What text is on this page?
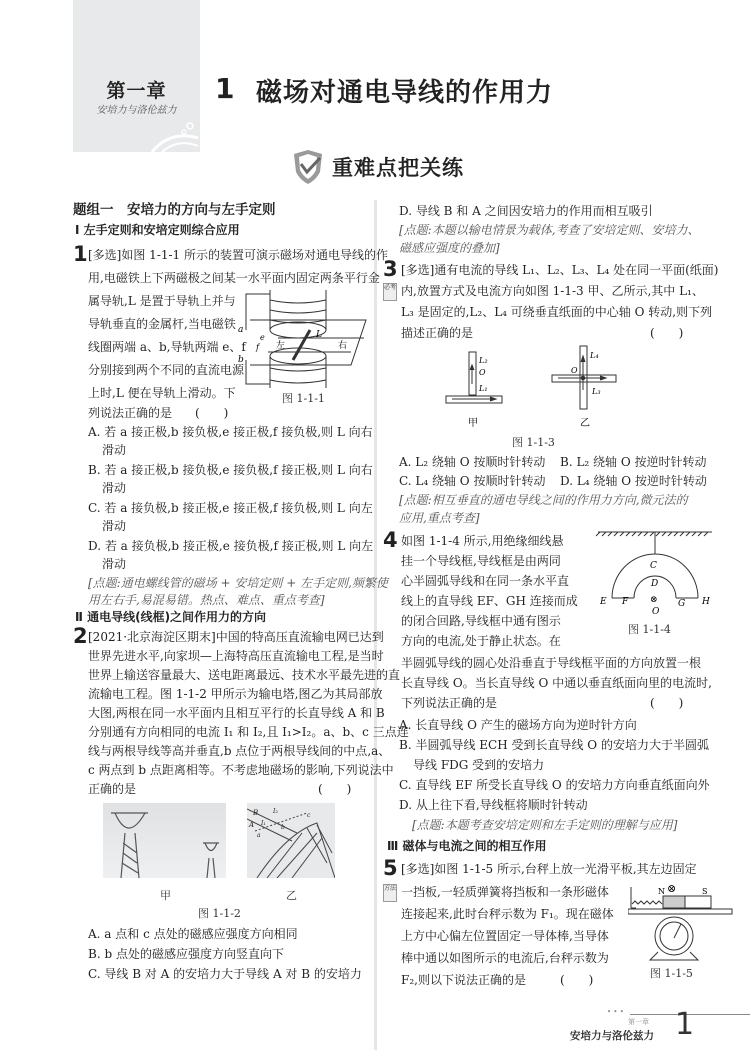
第一章
安培力与洛伦兹力
1 磁场对通电导线的作用力
重难点把关练
题组一　安培力的方向与左手定则
Ⅰ 左手定则和安培定则综合应用
1 [多选]如图 1-1-1 所示的装置可演示磁场对通电导线的作
用,电磁铁上下两磁极之间某一水平面内固定两条平行金
属导轨,L 是置于导轨上并与
导轨垂直的金属杆,当电磁铁
线圈两端 a、b,导轨两端 e、f
分别接到两个不同的直流电源
上时,L 便在导轨上滑动。下
列说法正确的是 (　　)
a
b
e
f 左	右
L
图 1-1-1
A. 若 a 接正极,b 接负极,e 接正极,f 接负极,则 L 向右
滑动
B. 若 a 接正极,b 接负极,e 接负极,f 接正极,则 L 向右
滑动
C. 若 a 接负极,b 接正极,e 接正极,f 接负极,则 L 向左
滑动
D. 若 a 接负极,b 接正极,e 接负极,f 接正极,则 L 向左
滑动
[点题:通电螺线管的磁场 + 安培定则 + 左手定则,频繁使
用左右手,易混易错。热点、难点、重点考查]
Ⅱ 通电导线(线框)之间作用力的方向
2 [2021·北京海淀区期末]中国的特高压直流输电网已达到
世界先进水平,向家坝—上海特高压直流输电工程,是当时
世界上输送容量最大、送电距离最远、技术水平最先进的直
流输电工程。图 1-1-2 甲所示为输电塔,图乙为其局部放
大图,两根在同一水平面内且相互平行的长直导线 A 和 B
分别通有方向相同的电流 I₁ 和 I₂,且 I₁>I₂。a、b、c 三点连
线与两根导线等高并垂直,b 点位于两根导线间的中点,a、
c 两点到 b 点距离相等。不考虑地磁场的影响,下列说法中
正确的是	(　　)
B
A
I₂
I₁
a
b
c
甲	乙
图 1-1-2
A. a 点和 c 点处的磁感应强度方向相同
B. b 点处的磁感应强度方向竖直向下
C. 导线 B 对 A 的安培力大于导线 A 对 B 的安培力
D. 导线 B 和 A 之间因安培力的作用而相互吸引
[点题:本题以输电情景为载体,考查了安培定则、安培力、
磁感应强度的叠加]
3
必考
[多选]通有电流的导线 L₁、L₂、L₃、L₄ 处在同一平面(纸面)
内,放置方式及电流方向如图 1-1-3 甲、乙所示,其中 L₁、
L₃ 是固定的,L₂、L₄ 可绕垂直纸面的中心轴 O 转动,则下列
描述正确的是	(　　)
L₂
O
L₁
L₄
O
L₃
甲	乙
图 1-1-3
A. L₂ 绕轴 O 按顺时针转动 B. L₂ 绕轴 O 按逆时针转动
C. L₄ 绕轴 O 按顺时针转动 D. L₄ 绕轴 O 按逆时针转动
[点题:相互垂直的通电导线之间的作用力方向,微元法的
应用,重点考查]
4 如图 1-1-4 所示,用绝缘细线悬
挂一个导线框,导线框是由两同
心半圆弧导线和在同一条水平直
线上的直导线 EF、GH 连接而成
的闭合回路,导线框中通有图示
方向的电流,处于静止状态。在
半圆弧导线的圆心处沿垂直于导线框平面的方向放置一根
长直导线 O。当长直导线 O 中通以垂直纸面向里的电流时,
下列说法正确的是	(　　)
C
D
E F ⊗ G H
O
图 1-1-4
A. 长直导线 O 产生的磁场方向为逆时针方向
B. 半圆弧导线 ECH 受到长直导线 O 的安培力大于半圆弧
导线 FDG 受到的安培力
C. 直导线 EF 所受长直导线 O 的安培力方向垂直纸面向外
D. 从上往下看,导线框将顺时针转动
[点题:本题考查安培定则和左手定则的理解与应用]
Ⅲ 磁体与电流之间的相互作用
5
方法
[多选]如图 1-1-5 所示,台秤上放一光滑平板,其左边固定
一挡板,一轻质弹簧将挡板和一条形磁体
连接起来,此时台秤示数为 F₁。现在磁体
上方中心偏左位置固定一导体棒,当导体
棒中通以如图所示的电流后,台秤示数为
F₂,则以下说法正确的是	(　　)
N ⊗	S
图 1-1-5
• • •
第一章
安培力与洛伦兹力 1
